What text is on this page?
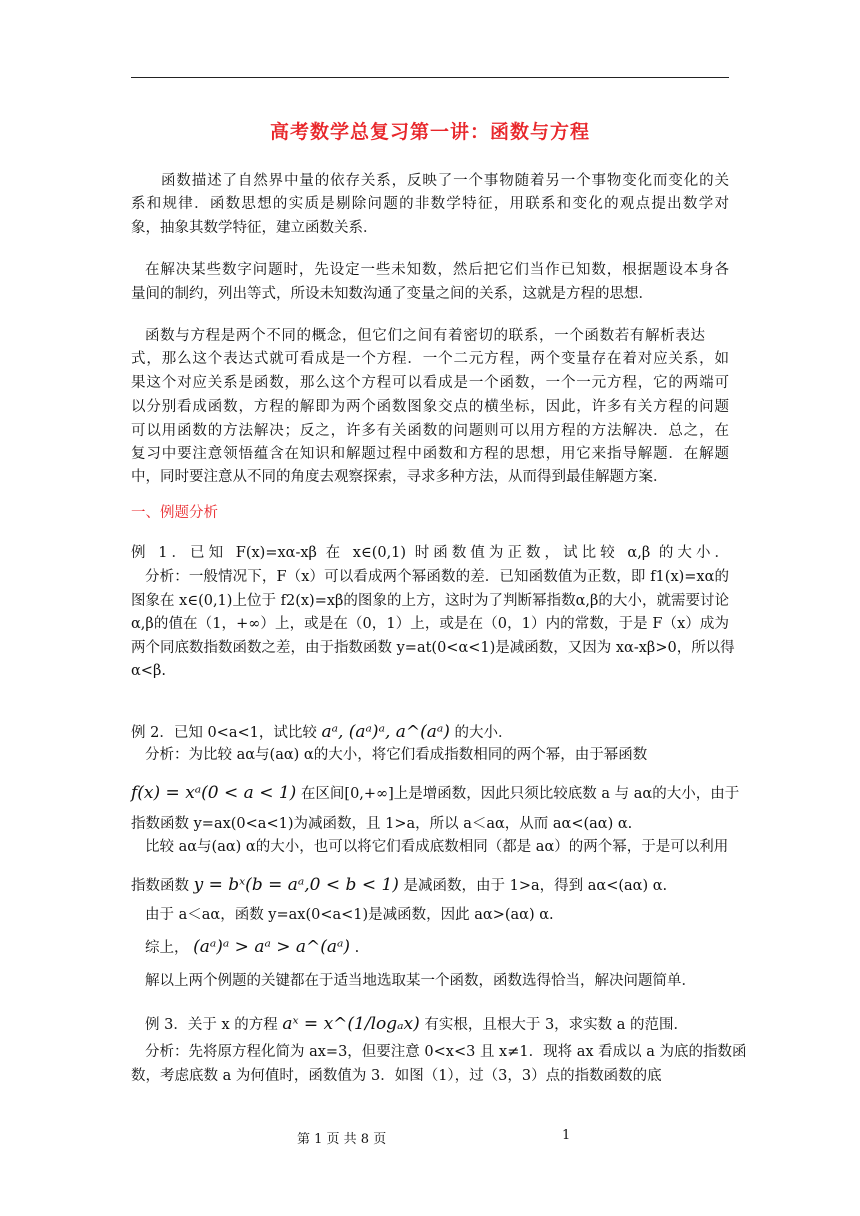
高考数学总复习第一讲：函数与方程
函数描述了自然界中量的依存关系，反映了一个事物随着另一个事物变化而变化的关
系和规律．函数思想的实质是剔除问题的非数学特征，用联系和变化的观点提出数学对
象，抽象其数学特征，建立函数关系．
在解决某些数字问题时，先设定一些未知数，然后把它们当作已知数，根据题设本身各
量间的制约，列出等式，所设未知数沟通了变量之间的关系，这就是方程的思想．
函数与方程是两个不同的概念，但它们之间有着密切的联系，一个函数若有解析表达
式，那么这个表达式就可看成是一个方程．一个二元方程，两个变量存在着对应关系，如
果这个对应关系是函数，那么这个方程可以看成是一个函数，一个一元方程，它的两端可
以分别看成函数，方程的解即为两个函数图象交点的横坐标，因此，许多有关方程的问题
可以用函数的方法解决；反之，许多有关函数的问题则可以用方程的方法解决．总之，在
复习中要注意领悟蕴含在知识和解题过程中函数和方程的思想，用它来指导解题．在解题
中，同时要注意从不同的角度去观察探索，寻求多种方法，从而得到最佳解题方案．
一、例题分析
例 1．已知 F(x)=xα-xβ 在 x∈(0,1) 时函数值为正数，试比较 α,β 的大小．
分析：一般情况下，F（x）可以看成两个幂函数的差．已知函数值为正数，即 f1(x)=xα的
图象在 x∈(0,1)上位于 f2(x)=xβ的图象的上方，这时为了判断幂指数α,β的大小，就需要讨论
α,β的值在（1，+∞）上，或是在（0，1）上，或是在（0，1）内的常数，于是 F（x）成为
两个同底数指数函数之差，由于指数函数 y=at(0<α<1)是减函数，又因为 xα-xβ>0，所以得
α<β.
例 2．已知 0<a<1，试比较 aᵃ, (aᵃ)ᵃ, a^(aᵃ) 的大小．
分析：为比较 aα与(aα) α的大小，将它们看成指数相同的两个幂，由于幂函数
f(x) = xᵃ(0 < a < 1) 在区间[0,+∞]上是增函数，因此只须比较底数 a 与 aα的大小，由于
指数函数 y=ax(0<a<1)为减函数，且 1>a，所以 a＜aα，从而 aα<(aα) α.
比较 aα与(aα) α的大小，也可以将它们看成底数相同（都是 aα）的两个幂，于是可以利用
指数函数 y = bˣ(b = aᵃ,0 < b < 1) 是减函数，由于 1>a，得到 aα<(aα) α.
由于 a＜aα，函数 y=ax(0<a<1)是减函数，因此 aα>(aα) α.
综上， (aᵃ)ᵃ > aᵃ > a^(aᵃ) .
解以上两个例题的关键都在于适当地选取某一个函数，函数选得恰当，解决问题简单．
例 3．关于 x 的方程 aˣ = x^(1/logₐx) 有实根，且根大于 3，求实数 a 的范围．
分析：先将原方程化简为 ax=3，但要注意 0<x<3 且 x≠1．现将 ax 看成以 a 为底的指数函
数，考虑底数 a 为何值时，函数值为 3．如图（1），过（3，3）点的指数函数的底
第 1 页 共 8 页	1
